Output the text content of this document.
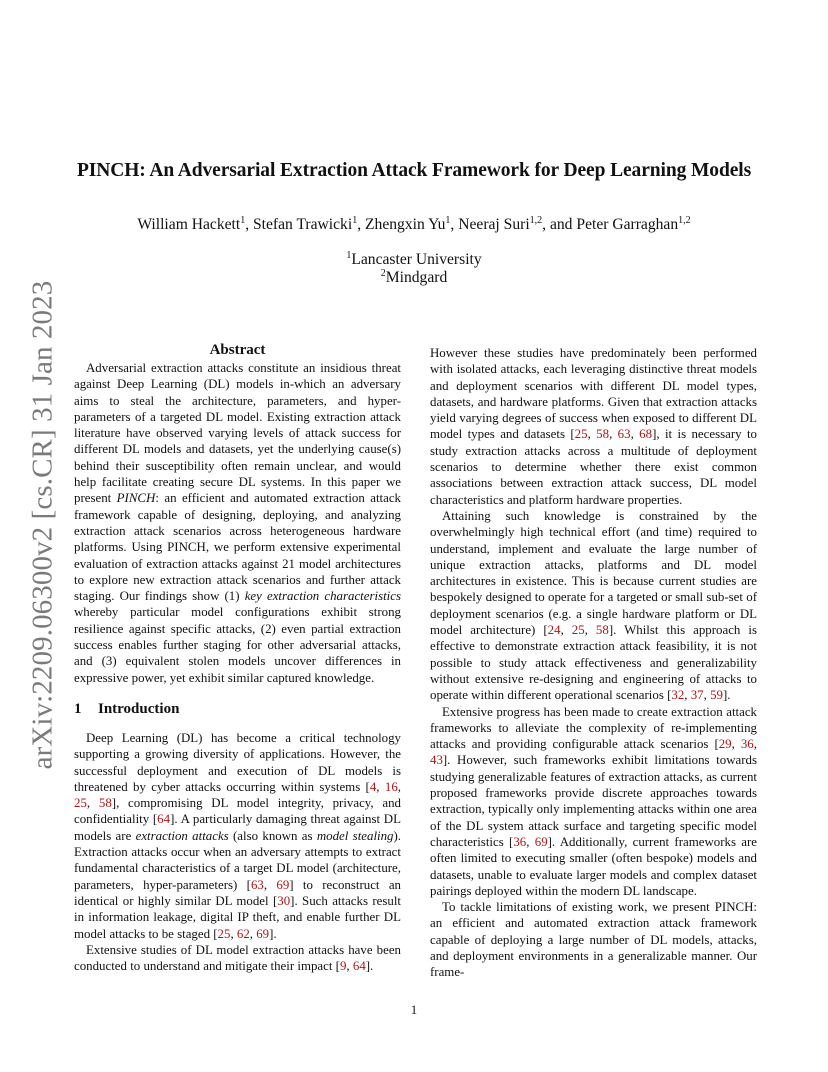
arXiv:2209.06300v2 [cs.CR] 31 Jan 2023
PINCH: An Adversarial Extraction Attack Framework for Deep Learning Models
William Hackett$^1$, Stefan Trawicki$^1$, Zhengxin Yu$^1$, Neeraj Suri$^{1,2}$, and Peter Garraghan$^{1,2}$
$^1$Lancaster University
$^2$Mindgard
Abstract

Adversarial extraction attacks constitute an insidious threat against Deep Learning (DL) models in-which an adversary aims to steal the architecture, parameters, and hyper-parameters of a targeted DL model. Existing extraction attack literature have observed varying levels of attack success for different DL models and datasets, yet the underlying cause(s) behind their susceptibility often remain unclear, and would help facilitate creating secure DL systems. In this paper we present PINCH: an efficient and automated extraction attack framework capable of designing, deploying, and analyzing extraction attack scenarios across heterogeneous hardware platforms. Using PINCH, we perform extensive experimental evaluation of extraction attacks against 21 model architectures to explore new extraction attack scenarios and further attack staging. Our findings show (1) key extraction characteristics whereby particular model configurations exhibit strong resilience against specific attacks, (2) even partial extraction success enables further staging for other adversarial attacks, and (3) equivalent stolen models uncover differences in expressive power, yet exhibit similar captured knowledge.

1 Introduction

Deep Learning (DL) has become a critical technology supporting a growing diversity of applications. However, the successful deployment and execution of DL models is threatened by cyber attacks occurring within systems [4, 16, 25, 58], compromising DL model integrity, privacy, and confidentiality [64]. A particularly damaging threat against DL models are extraction attacks (also known as model stealing). Extraction attacks occur when an adversary attempts to extract fundamental characteristics of a target DL model (architecture, parameters, hyper-parameters) [63, 69] to reconstruct an identical or highly similar DL model [30]. Such attacks result in information leakage, digital IP theft, and enable further DL model attacks to be staged [25, 62, 69].

Extensive studies of DL model extraction attacks have been conducted to understand and mitigate their impact [9, 64].

However these studies have predominately been performed with isolated attacks, each leveraging distinctive threat models and deployment scenarios with different DL model types, datasets, and hardware platforms. Given that extraction attacks yield varying degrees of success when exposed to different DL model types and datasets [25, 58, 63, 68], it is necessary to study extraction attacks across a multitude of deployment scenarios to determine whether there exist common associations between extraction attack success, DL model characteristics and platform hardware properties.

Attaining such knowledge is constrained by the overwhelmingly high technical effort (and time) required to understand, implement and evaluate the large number of unique extraction attacks, platforms and DL model architectures in existence. This is because current studies are bespokely designed to operate for a targeted or small sub-set of deployment scenarios (e.g. a single hardware platform or DL model architecture) [24, 25, 58]. Whilst this approach is effective to demonstrate extraction attack feasibility, it is not possible to study attack effectiveness and generalizability without extensive re-designing and engineering of attacks to operate within different operational scenarios [32, 37, 59].

Extensive progress has been made to create extraction attack frameworks to alleviate the complexity of re-implementing attacks and providing configurable attack scenarios [29, 36, 43]. However, such frameworks exhibit limitations towards studying generalizable features of extraction attacks, as current proposed frameworks provide discrete approaches towards extraction, typically only implementing attacks within one area of the DL system attack surface and targeting specific model characteristics [36, 69]. Additionally, current frameworks are often limited to executing smaller (often bespoke) models and datasets, unable to evaluate larger models and complex dataset pairings deployed within the modern DL landscape.

To tackle limitations of existing work, we present PINCH: an efficient and automated extraction attack framework capable of deploying a large number of DL models, attacks, and deployment environments in a generalizable manner. Our frame-

1
